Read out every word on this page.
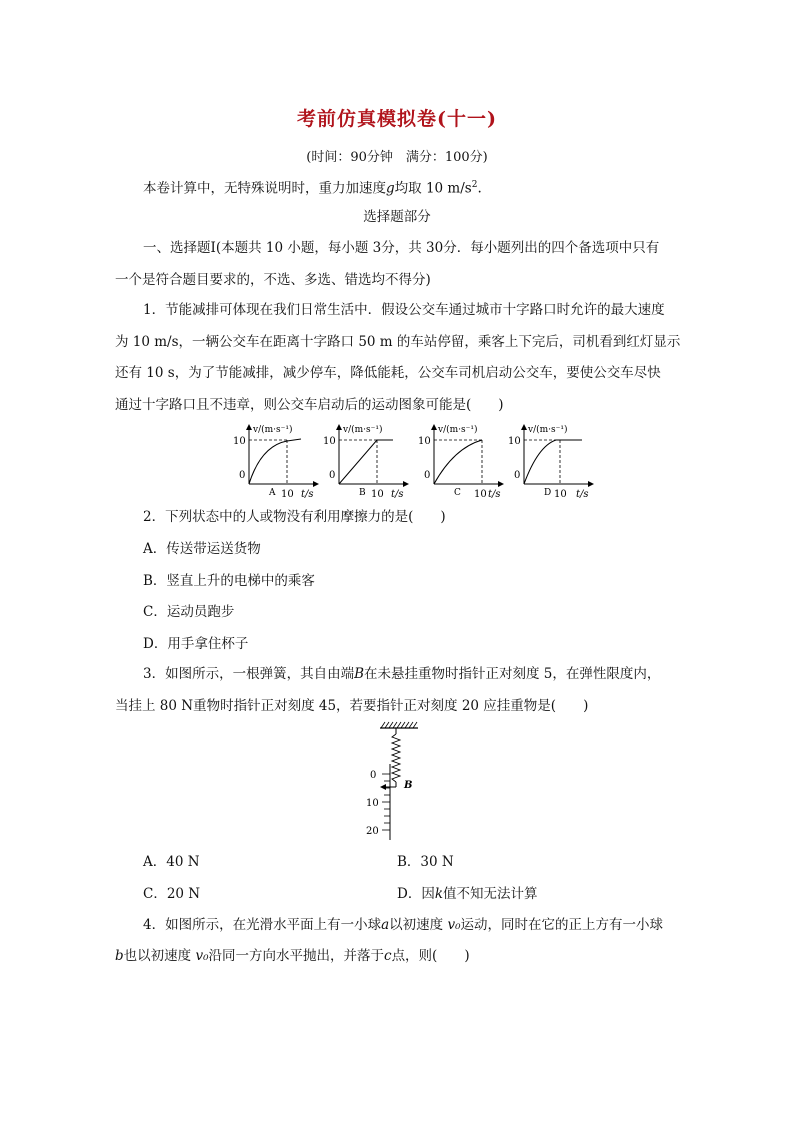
考前仿真模拟卷(十一)
(时间：90分钟　满分：100分)
本卷计算中，无特殊说明时，重力加速度g均取 10 $m/s^2$.
选择题部分
一、选择题Ⅰ(本题共 10 小题，每小题 3分，共 30分．每小题列出的四个备选项中只有
一个是符合题目要求的，不选、多选、错选均不得分)
1．节能减排可体现在我们日常生活中．假设公交车通过城市十字路口时允许的最大速度
为 10 m/s，一辆公交车在距离十字路口 50 m 的车站停留，乘客上下完后，司机看到红灯显示
还有 10 s，为了节能减排，减少停车，降低能耗，公交车司机启动公交车，要使公交车尽快
通过十字路口且不违章，则公交车启动后的运动图象可能是(　　)
v/(m·s⁻¹)
10
0
10 t/s
A
v/(m·s⁻¹)
10
0
10 t/s
B
v/(m·s⁻¹)
10
0
10 t/s
C
v/(m·s⁻¹)
10
0
10 t/s
D
2．下列状态中的人或物没有利用摩擦力的是(　　)
A．传送带运送货物
B．竖直上升的电梯中的乘客
C．运动员跑步
D．用手拿住杯子
3．如图所示，一根弹簧，其自由端B在未悬挂重物时指针正对刻度 5，在弹性限度内，
当挂上 80 N重物时指针正对刻度 45，若要指针正对刻度 20 应挂重物是(　　)
0
10
20
B
A．40 N	B．30 N
C．20 N	D．因k值不知无法计算
4．如图所示，在光滑水平面上有一小球a以初速度 v₀运动，同时在它的正上方有一小球
b也以初速度 v₀沿同一方向水平抛出，并落于c点，则(　　)
